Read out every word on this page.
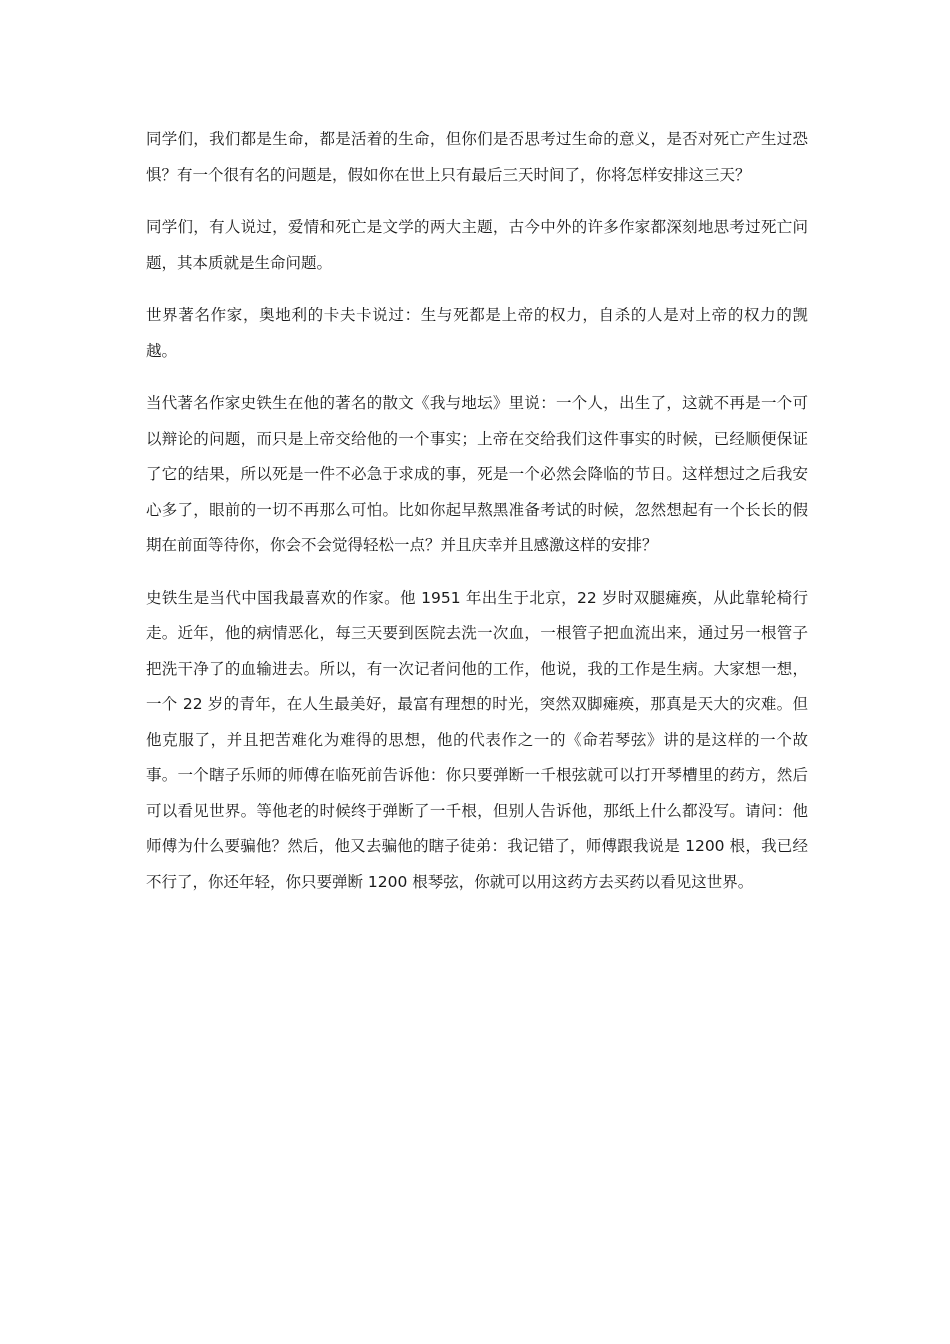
同学们，我们都是生命，都是活着的生命，但你们是否思考过生命的意义，是否对死亡产生过恐惧？有一个很有名的问题是，假如你在世上只有最后三天时间了，你将怎样安排这三天？

同学们，有人说过，爱情和死亡是文学的两大主题，古今中外的许多作家都深刻地思考过死亡问题，其本质就是生命问题。

世界著名作家，奥地利的卡夫卡说过：生与死都是上帝的权力，自杀的人是对上帝的权力的觊越。

当代著名作家史铁生在他的著名的散文《我与地坛》里说：一个人，出生了，这就不再是一个可以辩论的问题，而只是上帝交给他的一个事实；上帝在交给我们这件事实的时候，已经顺便保证了它的结果，所以死是一件不必急于求成的事，死是一个必然会降临的节日。这样想过之后我安心多了，眼前的一切不再那么可怕。比如你起早熬黑准备考试的时候，忽然想起有一个长长的假期在前面等待你，你会不会觉得轻松一点？并且庆幸并且感激这样的安排？

史铁生是当代中国我最喜欢的作家。他 1951 年出生于北京，22 岁时双腿瘫痪，从此靠轮椅行走。近年，他的病情恶化，每三天要到医院去洗一次血，一根管子把血流出来，通过另一根管子把洗干净了的血输进去。所以，有一次记者问他的工作，他说，我的工作是生病。大家想一想，一个 22 岁的青年，在人生最美好，最富有理想的时光，突然双脚瘫痪，那真是天大的灾难。但他克服了，并且把苦难化为难得的思想，他的代表作之一的《命若琴弦》讲的是这样的一个故事。一个瞎子乐师的师傅在临死前告诉他：你只要弹断一千根弦就可以打开琴槽里的药方，然后可以看见世界。等他老的时候终于弹断了一千根，但别人告诉他，那纸上什么都没写。请问：他师傅为什么要骗他？然后，他又去骗他的瞎子徒弟：我记错了，师傅跟我说是 1200 根，我已经不行了，你还年轻，你只要弹断 1200 根琴弦，你就可以用这药方去买药以看见这世界。
